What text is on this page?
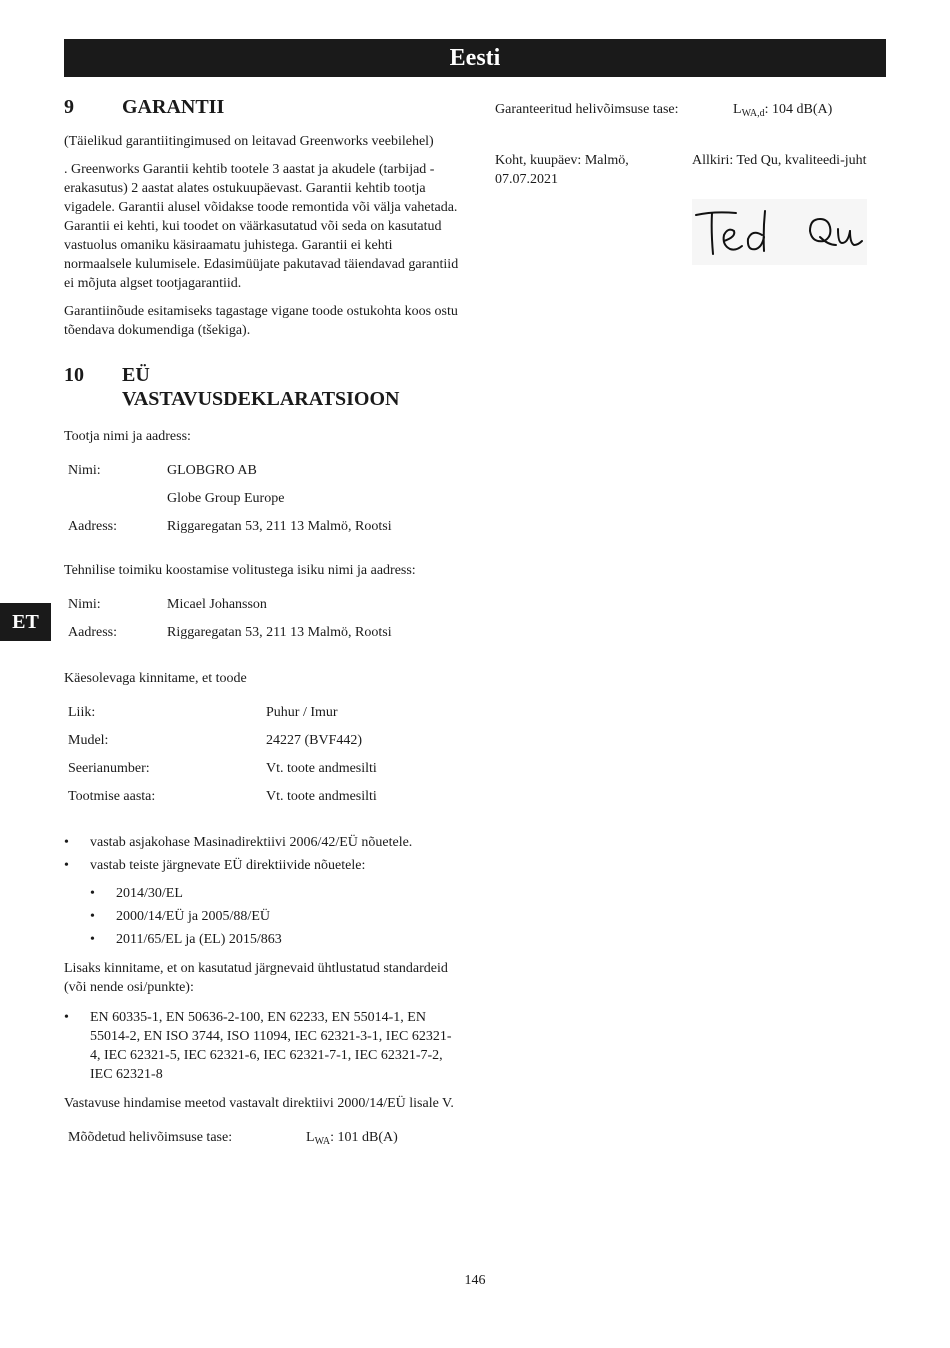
Eesti
ET
9	GARANTII

(Täielikud garantiitingimused on leitavad Greenworks veebilehel)

. Greenworks Garantii kehtib tootele 3 aastat ja akudele (tarbijad - erakasutus) 2 aastat alates ostukuupäevast. Garantii kehtib tootja vigadele. Garantii alusel võidakse toode remontida või välja vahetada. Garantii ei kehti, kui toodet on väärkasutatud või seda on kasutatud vastuolus omaniku käsiraamatu juhistega. Garantii ei kehti normaalsele kulumisele. Edasimüüjate pakutavad täiendavad garantiid ei mõjuta algset tootjagarantiid.

Garantiinõude esitamiseks tagastage vigane toode ostukohta koos ostu tõendava dokumendiga (tšekiga).

10	EÜ
VASTAVUSDEKLARATSIOON

Tootja nimi ja aadress:

Nimi:	GLOBGRO AB
Globe Group Europe
Aadress:	Riggaregatan 53, 211 13 Malmö, Rootsi

Tehnilise toimiku koostamise volitustega isiku nimi ja aadress:

Nimi:	Micael Johansson
Aadress:	Riggaregatan 53, 211 13 Malmö, Rootsi

Käesolevaga kinnitame, et toode

Liik:	Puhur / Imur
Mudel:	24227 (BVF442)
Seerianumber:	Vt. toote andmesilti
Tootmise aasta:	Vt. toote andmesilti
•	vastab asjakohase Masinadirektiivi 2006/42/EÜ nõuetele.
•	vastab teiste järgnevate EÜ direktiivide nõuetele:
•	2014/30/EL
•	2000/14/EÜ ja 2005/88/EÜ
•	2011/65/EL ja (EL) 2015/863

Lisaks kinnitame, et on kasutatud järgnevaid ühtlustatud standardeid (või nende osi/punkte):

•	EN 60335-1, EN 50636-2-100, EN 62233, EN 55014-1, EN 55014-2, EN ISO 3744, ISO 11094, IEC 62321-3-1, IEC 62321-4, IEC 62321-5, IEC 62321-6, IEC 62321-7-1, IEC 62321-7-2, IEC 62321-8

Vastavuse hindamise meetod vastavalt direktiivi 2000/14/EÜ lisale V.

Mõõdetud helivõimsuse tase:	$L_{WA}$: 101 dB(A)
Garanteeritud helivõimsuse tase:	$L_{WA,d}$: 104 dB(A)
Koht, kuupäev: Malmö, 07.07.2021
Allkiri: Ted Qu, kvaliteedi-juht
146
